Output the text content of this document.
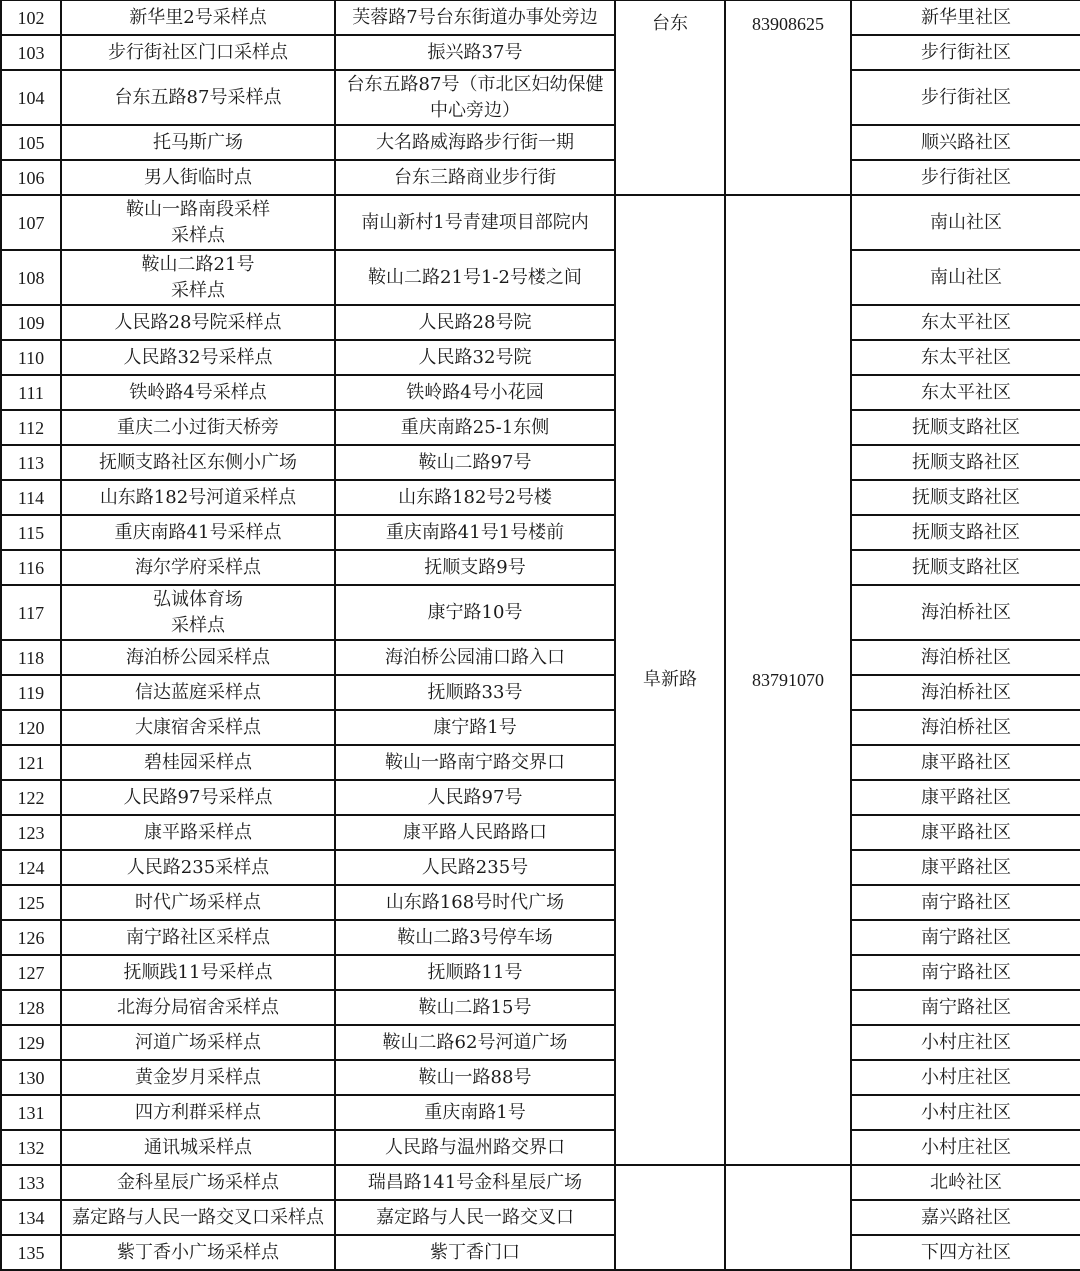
102	新华里2号采样点	芙蓉路7号台东街道办事处旁边	台东	83908625	新华里社区
103	步行街社区门口采样点	振兴路37号			步行街社区
104	台东五路87号采样点	台东五路87号（市北区妇幼保健
中心旁边）			步行街社区
105	托马斯广场	大名路威海路步行街一期			顺兴路社区
106	男人街临时点	台东三路商业步行街			步行街社区
107	鞍山一路南段采样
采样点	南山新村1号青建项目部院内	阜新路	83791070	南山社区
108	鞍山二路21号
采样点	鞍山二路21号1-2号楼之间			南山社区
109	人民路28号院采样点	人民路28号院			东太平社区
110	人民路32号采样点	人民路32号院			东太平社区
111	铁岭路4号采样点	铁岭路4号小花园			东太平社区
112	重庆二小过街天桥旁	重庆南路25-1东侧			抚顺支路社区
113	抚顺支路社区东侧小广场	鞍山二路97号			抚顺支路社区
114	山东路182号河道采样点	山东路182号2号楼			抚顺支路社区
115	重庆南路41号采样点	重庆南路41号1号楼前			抚顺支路社区
116	海尔学府采样点	抚顺支路9号			抚顺支路社区
117	弘诚体育场
采样点	康宁路10号			海泊桥社区
118	海泊桥公园采样点	海泊桥公园浦口路入口			海泊桥社区
119	信达蓝庭采样点	抚顺路33号			海泊桥社区
120	大康宿舍采样点	康宁路1号			海泊桥社区
121	碧桂园采样点	鞍山一路南宁路交界口			康平路社区
122	人民路97号采样点	人民路97号			康平路社区
123	康平路采样点	康平路人民路路口			康平路社区
124	人民路235采样点	人民路235号			康平路社区
125	时代广场采样点	山东路168号时代广场			南宁路社区
126	南宁路社区采样点	鞍山二路3号停车场			南宁路社区
127	抚顺践11号采样点	抚顺路11号			南宁路社区
128	北海分局宿舍采样点	鞍山二路15号			南宁路社区
129	河道广场采样点	鞍山二路62号河道广场			小村庄社区
130	黄金岁月采样点	鞍山一路88号			小村庄社区
131	四方利群采样点	重庆南路1号			小村庄社区
132	通讯城采样点	人民路与温州路交界口			小村庄社区
133	金科星辰广场采样点	瑞昌路141号金科星辰广场			北岭社区
134	嘉定路与人民一路交叉口采样点	嘉定路与人民一路交叉口			嘉兴路社区
135	紫丁香小广场采样点	紫丁香门口			下四方社区
